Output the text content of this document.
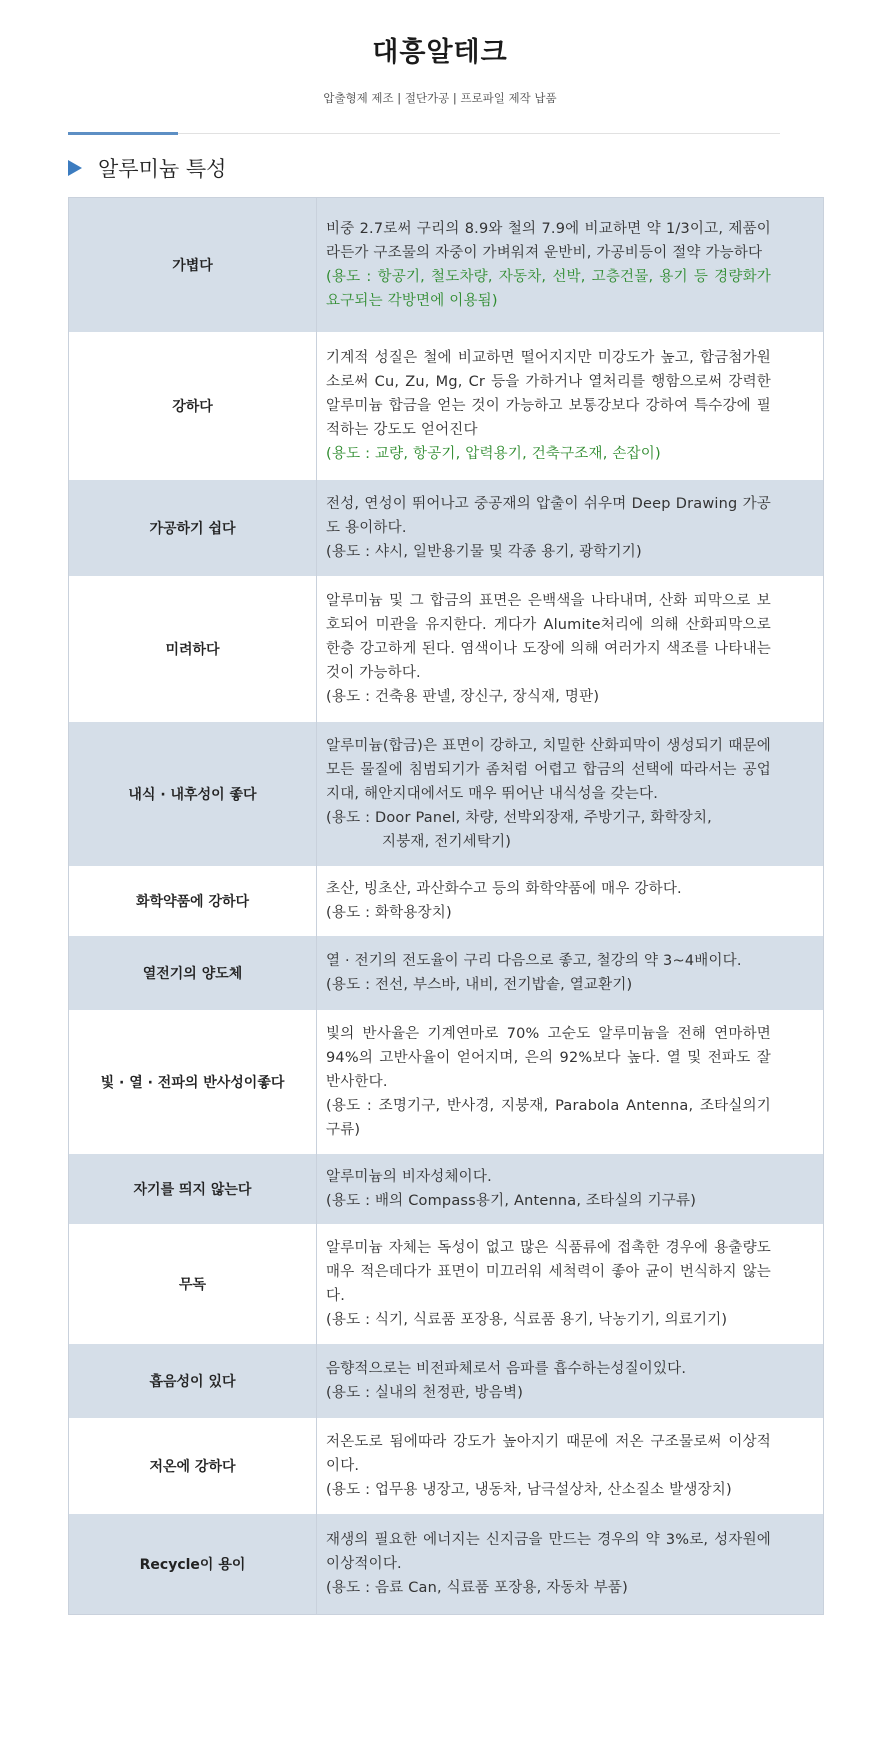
대흥알테크
압출형제 제조 | 절단가공 | 프로파일 제작 납품
알루미늄 특성
가볍다	비중 2.7로써 구리의 8.9와 철의 7.9에 비교하면 약 1/3이고, 제품이라든가 구조물의 자중이 가벼워져 운반비, 가공비등이 절약 가능하다
(용도 : 항공기, 철도차량, 자동차, 선박, 고층건물, 용기 등 경량화가 요구되는 각방면에 이용됨)

강하다	기계적 성질은 철에 비교하면 떨어지지만 미강도가 높고, 합금첨가원소로써 Cu, Zu, Mg, Cr 등을 가하거나 열처리를 행함으로써 강력한 알루미늄 합금을 얻는 것이 가능하고 보통강보다 강하여 특수강에 필적하는 강도도 얻어진다
(용도 : 교량, 항공기, 압력용기, 건축구조재, 손잡이)

가공하기 쉽다	전성, 연성이 뛰어나고 중공재의 압출이 쉬우며 Deep Drawing 가공도 용이하다.
(용도 : 샤시, 일반용기물 및 각종 용기, 광학기기)

미려하다	알루미늄 및 그 합금의 표면은 은백색을 나타내며, 산화 피막으로 보호되어 미관을 유지한다. 게다가 Alumite처리에 의해 산화피막으로 한층 강고하게 된다. 염색이나 도장에 의해 여러가지 색조를 나타내는 것이 가능하다.
(용도 : 건축용 판넬, 장신구, 장식재, 명판)

내식 · 내후성이 좋다	알루미늄(합금)은 표면이 강하고, 치밀한 산화피막이 생성되기 때문에 모든 물질에 침범되기가 좀처럼 어렵고 합금의 선택에 따라서는 공업지대, 해안지대에서도 매우 뛰어난 내식성을 갖는다.
(용도 : Door Panel, 차량, 선박외장재, 주방기구, 화학장치,
지붕재, 전기세탁기)

화학약품에 강하다	초산, 빙초산, 과산화수고 등의 화학약품에 매우 강하다.
(용도 : 화학용장치)

열전기의 양도체	열 · 전기의 전도율이 구리 다음으로 좋고, 철강의 약 3~4배이다.
(용도 : 전선, 부스바, 내비, 전기밥솥, 열교환기)

빛 · 열 · 전파의 반사성이좋다	빛의 반사율은 기계연마로 70% 고순도 알루미늄을 전해 연마하면 94%의 고반사율이 얻어지며, 은의 92%보다 높다. 열 및 전파도 잘 반사한다.
(용도 : 조명기구, 반사경, 지붕재, Parabola Antenna, 조타실의기구류)

자기를 띄지 않는다	알루미늄의 비자성체이다.
(용도 : 배의 Compass용기, Antenna, 조타실의 기구류)

무독	알루미늄 자체는 독성이 없고 많은 식품류에 접촉한 경우에 용출량도 매우 적은데다가 표면이 미끄러워 세척력이 좋아 균이 번식하지 않는다.
(용도 : 식기, 식료품 포장용, 식료품 용기, 낙농기기, 의료기기)

흡음성이 있다	음향적으로는 비전파체로서 음파를 흡수하는성질이있다.
(용도 : 실내의 천정판, 방음벽)

저온에 강하다	저온도로 됨에따라 강도가 높아지기 때문에 저온 구조물로써 이상적이다.
(용도 : 업무용 냉장고, 냉동차, 남극설상차, 산소질소 발생장치)

Recycle이 용이	재생의 필요한 에너지는 신지금을 만드는 경우의 약 3%로, 성자원에 이상적이다.
(용도 : 음료 Can, 식료품 포장용, 자동차 부품)
